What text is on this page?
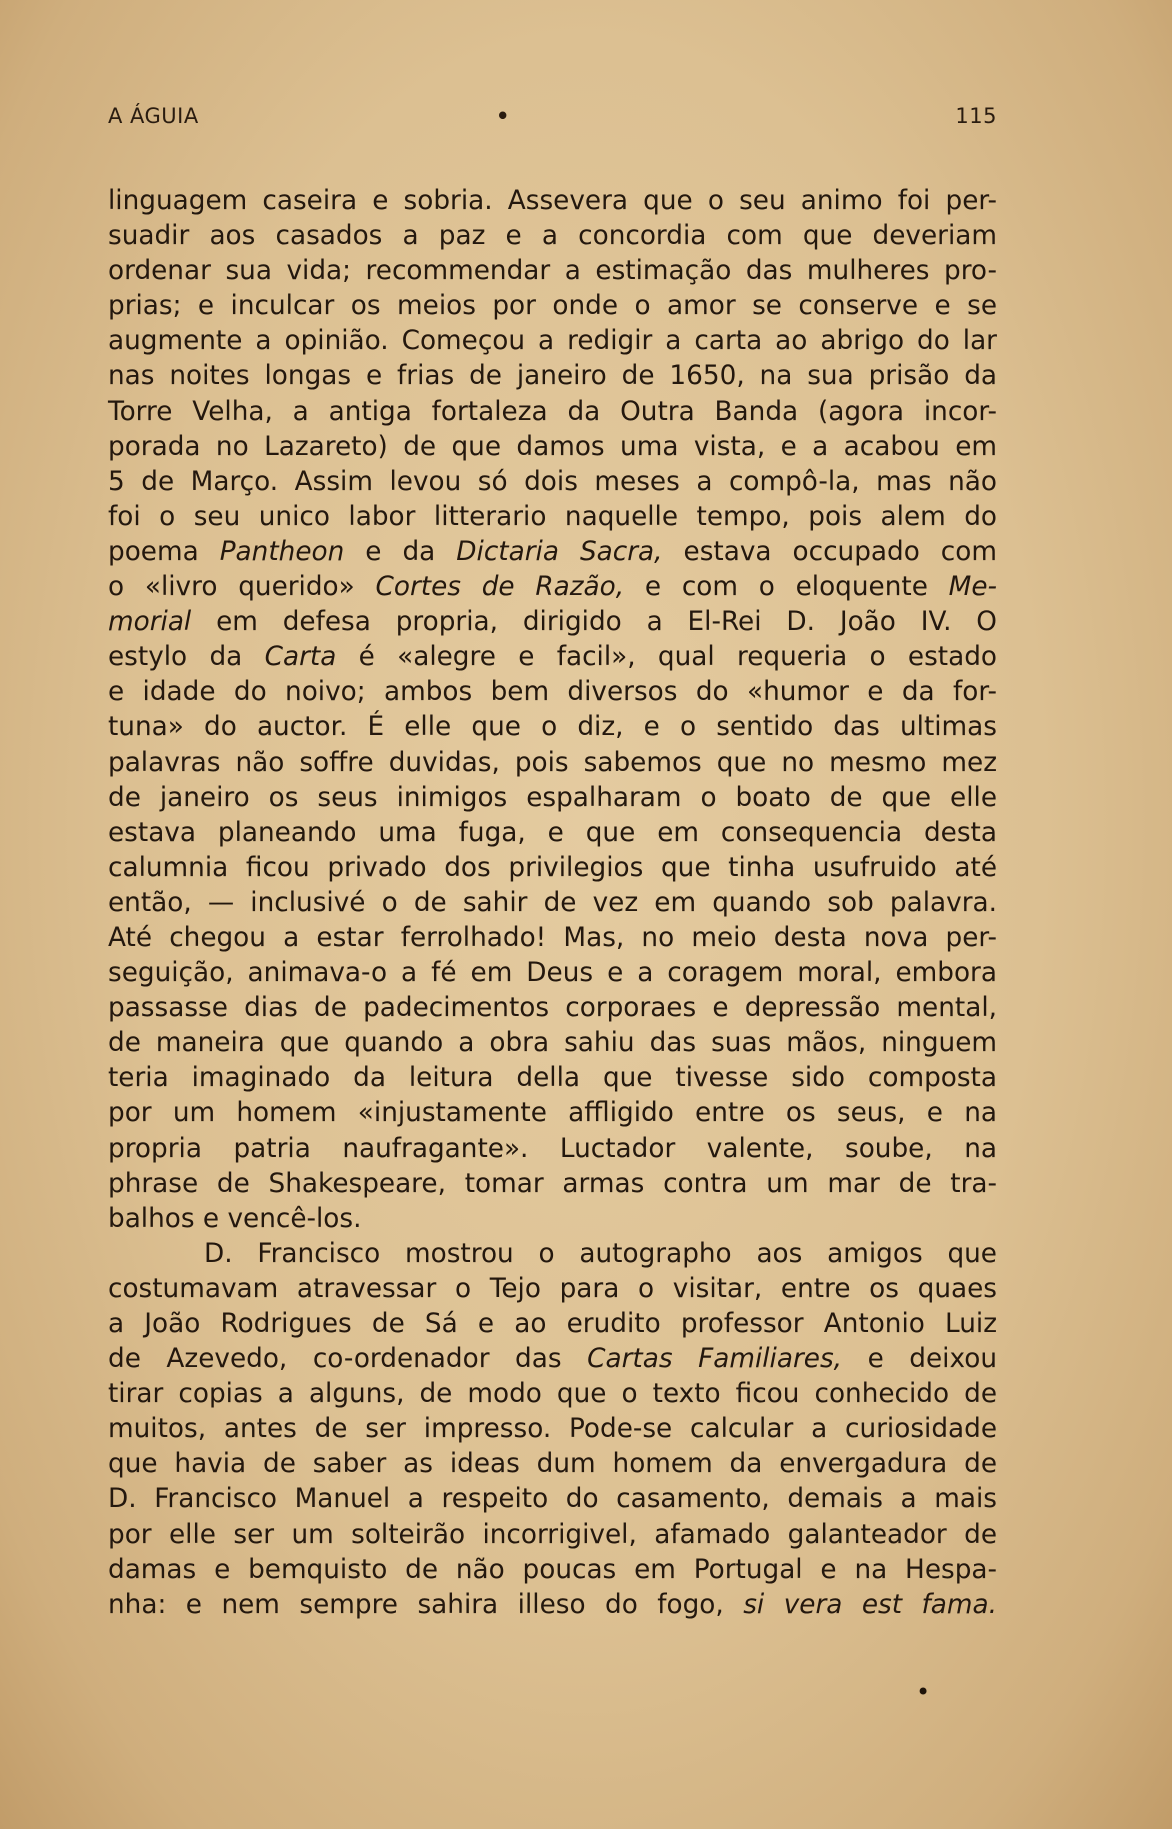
A ÁGUIA	•	115
linguagem caseira e sobria. Assevera que o seu animo foi per-
suadir aos casados a paz e a concordia com que deveriam
ordenar sua vida; recommendar a estimação das mulheres pro-
prias; e inculcar os meios por onde o amor se conserve e se
augmente a opinião. Começou a redigir a carta ao abrigo do lar
nas noites longas e frias de janeiro de 1650, na sua prisão da
Torre Velha, a antiga fortaleza da Outra Banda (agora incor-
porada no Lazareto) de que damos uma vista, e a acabou em
5 de Março. Assim levou só dois meses a compô-la, mas não
foi o seu unico labor litterario naquelle tempo, pois alem do
poema Pantheon e da Dictaria Sacra, estava occupado com
o «livro querido» Cortes de Razão, e com o eloquente Me-
morial em defesa propria, dirigido a El-Rei D. João IV. O
estylo da Carta é «alegre e facil», qual requeria o estado
e idade do noivo; ambos bem diversos do «humor e da for-
tuna» do auctor. É elle que o diz, e o sentido das ultimas
palavras não soffre duvidas, pois sabemos que no mesmo mez
de janeiro os seus inimigos espalharam o boato de que elle
estava planeando uma fuga, e que em consequencia desta
calumnia ficou privado dos privilegios que tinha usufruido até
então, — inclusivé o de sahir de vez em quando sob palavra.
Até chegou a estar ferrolhado! Mas, no meio desta nova per-
seguição, animava-o a fé em Deus e a coragem moral, embora
passasse dias de padecimentos corporaes e depressão mental,
de maneira que quando a obra sahiu das suas mãos, ninguem
teria imaginado da leitura della que tivesse sido composta
por um homem «injustamente affligido entre os seus, e na
propria patria naufragante». Luctador valente, soube, na
phrase de Shakespeare, tomar armas contra um mar de tra-
balhos e vencê-los.
D. Francisco mostrou o autographo aos amigos que
costumavam atravessar o Tejo para o visitar, entre os quaes
a João Rodrigues de Sá e ao erudito professor Antonio Luiz
de Azevedo, co-ordenador das Cartas Familiares, e deixou
tirar copias a alguns, de modo que o texto ficou conhecido de
muitos, antes de ser impresso. Pode-se calcular a curiosidade
que havia de saber as ideas dum homem da envergadura de
D. Francisco Manuel a respeito do casamento, demais a mais
por elle ser um solteirão incorrigivel, afamado galanteador de
damas e bemquisto de não poucas em Portugal e na Hespa-
nha: e nem sempre sahira illeso do fogo, si vera est fama.
•
